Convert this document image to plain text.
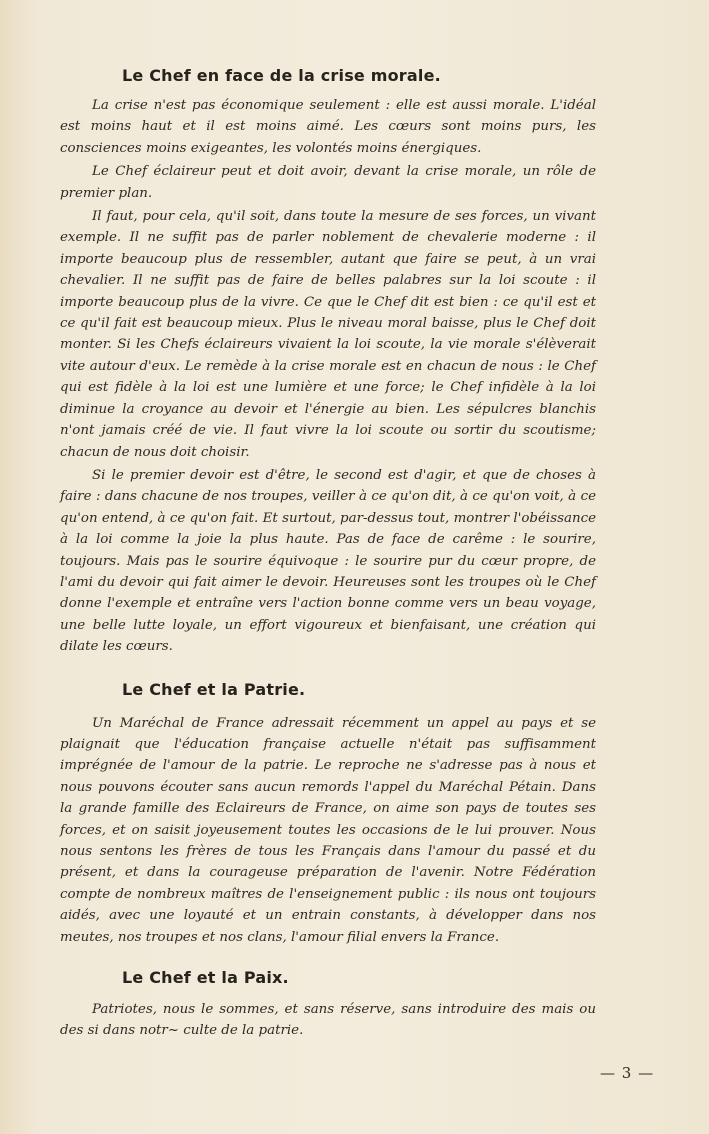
Le Chef en face de la crise morale.

La crise n'est pas économique seulement : elle est aussi morale. L'idéal est moins haut et il est moins aimé. Les cœurs sont moins purs, les consciences moins exigeantes, les volontés moins énergiques.

Le Chef éclaireur peut et doit avoir, devant la crise morale, un rôle de premier plan.

Il faut, pour cela, qu'il soit, dans toute la mesure de ses forces, un vivant exemple. Il ne suffit pas de parler noblement de chevalerie moderne : il importe beaucoup plus de ressembler, autant que faire se peut, à un vrai chevalier. Il ne suffit pas de faire de belles palabres sur la loi scoute : il importe beaucoup plus de la vivre. Ce que le Chef dit est bien : ce qu'il est et ce qu'il fait est beaucoup mieux. Plus le niveau moral baisse, plus le Chef doit monter. Si les Chefs éclaireurs vivaient la loi scoute, la vie morale s'élèverait vite autour d'eux. Le remède à la crise morale est en chacun de nous : le Chef qui est fidèle à la loi est une lumière et une force; le Chef infidèle à la loi diminue la croyance au devoir et l'énergie au bien. Les sépulcres blanchis n'ont jamais créé de vie. Il faut vivre la loi scoute ou sortir du scoutisme; chacun de nous doit choisir.

Si le premier devoir est d'être, le second est d'agir, et que de choses à faire : dans chacune de nos troupes, veiller à ce qu'on dit, à ce qu'on voit, à ce qu'on entend, à ce qu'on fait. Et surtout, par-dessus tout, montrer l'obéissance à la loi comme la joie la plus haute. Pas de face de carême : le sourire, toujours. Mais pas le sourire équivoque : le sourire pur du cœur propre, de l'ami du devoir qui fait aimer le devoir. Heureuses sont les troupes où le Chef donne l'exemple et entraîne vers l'action bonne comme vers un beau voyage, une belle lutte loyale, un effort vigoureux et bienfaisant, une création qui dilate les cœurs.

Le Chef et la Patrie.

Un Maréchal de France adressait récemment un appel au pays et se plaignait que l'éducation française actuelle n'était pas suffisamment imprégnée de l'amour de la patrie. Le reproche ne s'adresse pas à nous et nous pouvons écouter sans aucun remords l'appel du Maréchal Pétain. Dans la grande famille des Eclaireurs de France, on aime son pays de toutes ses forces, et on saisit joyeusement toutes les occasions de le lui prouver. Nous nous sentons les frères de tous les Français dans l'amour du passé et du présent, et dans la courageuse préparation de l'avenir. Notre Fédération compte de nombreux maîtres de l'enseignement public : ils nous ont toujours aidés, avec une loyauté et un entrain constants, à développer dans nos meutes, nos troupes et nos clans, l'amour filial envers la France.

Le Chef et la Paix.

Patriotes, nous le sommes, et sans réserve, sans introduire des mais ou des si dans notr~ culte de la patrie.

— 3 —
